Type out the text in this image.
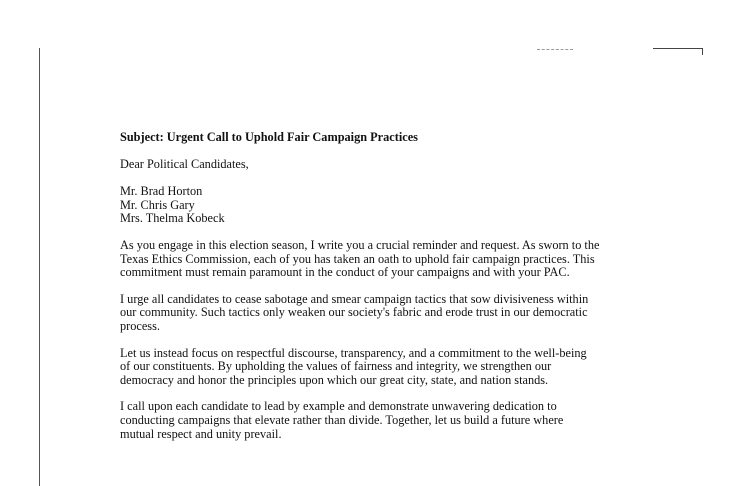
Subject: Urgent Call to Uphold Fair Campaign Practices
Dear Political Candidates,
Mr. Brad Horton
Mr. Chris Gary
Mrs. Thelma Kobeck
As you engage in this election season, I write you a crucial reminder and request. As sworn to the
Texas Ethics Commission, each of you has taken an oath to uphold fair campaign practices. This
commitment must remain paramount in the conduct of your campaigns and with your PAC.
I urge all candidates to cease sabotage and smear campaign tactics that sow divisiveness within
our community. Such tactics only weaken our society's fabric and erode trust in our democratic
process.
Let us instead focus on respectful discourse, transparency, and a commitment to the well-being
of our constituents. By upholding the values of fairness and integrity, we strengthen our
democracy and honor the principles upon which our great city, state, and nation stands.
I call upon each candidate to lead by example and demonstrate unwavering dedication to
conducting campaigns that elevate rather than divide. Together, let us build a future where
mutual respect and unity prevail.
